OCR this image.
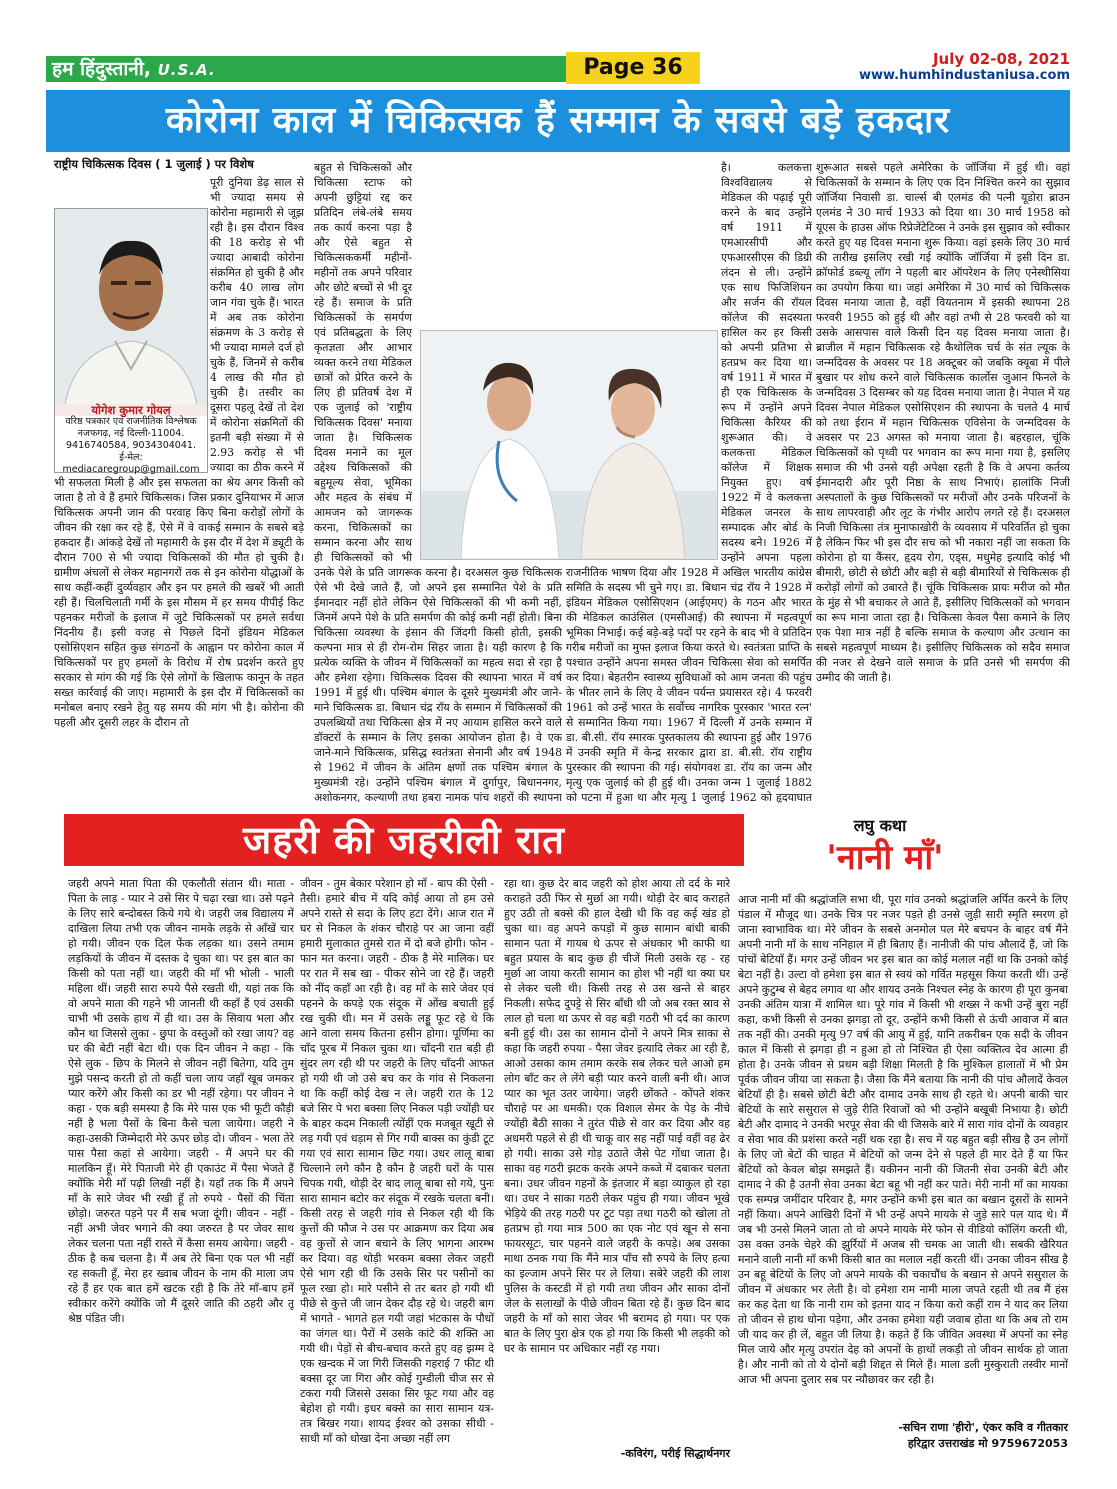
हम हिंदुस्तानी, U.S.A.	Page 36	July 02-08, 2021
www.humhindustaniusa.com
कोरोना काल में चिकित्सक हैं सम्मान के सबसे बड़े हकदार
राष्ट्रीय चिकित्सक दिवस ( 1 जुलाई ) पर विशेष
योगेश कुमार गोयल
वरिष्ठ पत्रकार एवं राजनीतिक विश्लेषक
नजफगढ़, नई दिल्ली-11004.
9416740584, 9034304041.
ई-मेल: mediacaregroup@gmail.com

पूरी दुनिया डेढ़ साल से भी ज्यादा समय से कोरोना महामारी से जूझ रही है। इस दौरान विश्व की 18 करोड़ से भी ज्यादा आबादी कोरोना संक्रमित हो चुकी है और करीब 40 लाख लोग जान गंवा चुके हैं। भारत में अब तक कोरोना संक्रमण के 3 करोड़ से भी ज्यादा मामले दर्ज हो चुके हैं, जिनमें से करीब 4 लाख की मौत हो चुकी है। तस्वीर का दूसरा पहलू देखें तो देश में कोरोना संक्रमितों की इतनी बड़ी संख्या में से 2.93 करोड़ से भी ज्यादा का ठीक करने में भी सफलता मिली है और इस सफलता का श्रेय अगर किसी को जाता है तो वे हैं हमारे चिकित्सक। जिस प्रकार दुनियाभर में आज चिकित्सक अपनी जान की परवाह किए बिना करोड़ों लोगों के जीवन की रक्षा कर रहे हैं, ऐसे में वे वाकई सम्मान के सबसे बड़े हकदार हैं। आंकड़े देखें तो महामारी के इस दौर में देश में ड्यूटी के दौरान 700 से भी ज्यादा चिकित्सकों की मौत हो चुकी है। ग्रामीण अंचलों से लेकर महानगरों तक से इन कोरोना योद्धाओं के साथ कहीं-कहीं दुर्व्यवहार और इन पर हमले की खबरें भी आती रही हैं। चिलचिलाती गर्मी के इस मौसम में हर समय पीपीई किट पहनकर मरीजों के इलाज में जुटे चिकित्सकों पर हमले सर्वथा निंदनीय हैं। इसी वजह से पिछले दिनों इंडियन मेडिकल एसोसिएशन सहित कुछ संगठनों के आह्वान पर कोरोना काल में चिकित्सकों पर हुए हमलों के विरोध में रोष प्रदर्शन करते हुए सरकार से मांग की गई कि ऐसे लोगों के खिलाफ कानून के तहत सख्त कार्रवाई की जाए। महामारी के इस दौर में चिकित्सकों का मनोबल बनाए रखने हेतु यह समय की मांग भी है। कोरोना की पहली और दूसरी लहर के दौरान तो

बहुत से चिकित्सकों और चिकित्सा स्टाफ को अपनी छुट्टियां रद्द कर प्रतिदिन लंबे-लंबे समय तक कार्य करना पड़ा है और ऐसे बहुत से चिकित्सककर्मी महीनों-महीनों तक अपने परिवार और छोटे बच्चों से भी दूर रहे हैं। समाज के प्रति चिकित्सकों के समर्पण एवं प्रतिबद्धता के लिए कृतज्ञता और आभार व्यक्त करने तथा मेडिकल छात्रों को प्रेरित करने के लिए ही प्रतिवर्ष देश में एक जुलाई को 'राष्ट्रीय चिकित्सक दिवस' मनाया जाता है। चिकित्सक दिवस मनाने का मूल उद्देश्य चिकित्सकों की बहुमूल्य सेवा, भूमिका और महत्व के संबंध में आमजन को जागरूक करना, चिकित्सकों का सम्मान करना और साथ ही चिकित्सकों को भी उनके पेशे के प्रति जागरूक करना है। दरअसल कुछ चिकित्सक ऐसे भी देखे जाते हैं, जो अपने इस सम्मानित पेशे के प्रति ईमानदार नहीं होते लेकिन ऐसे चिकित्सकों की भी कमी नहीं, जिनमें अपने पेशे के प्रति समर्पण की कोई कमी नहीं होती। बिना चिकित्सा व्यवस्था के इंसान की जिंदगी किसी होती, इसकी कल्पना मात्र से ही रोम-रोम सिहर जाता है। यही कारण है कि प्रत्येक व्यक्ति के जीवन में चिकित्सकों का महत्व सदा से रहा है और हमेशा रहेगा। चिकित्सक दिवस की स्थापना भारत में वर्ष 1991 में हुई थी। पश्चिम बंगाल के दूसरे मुख्यमंत्री और जाने-माने चिकित्सक डा. बिधान चंद्र रॉय के सम्मान में चिकित्सकों की उपलब्धियों तथा चिकित्सा क्षेत्र में नए आयाम हासिल करने वाले डॉक्टरों के सम्मान के लिए इसका आयोजन होता है। वे एक जाने-माने चिकित्सक, प्रसिद्ध स्वतंत्रता सेनानी और वर्ष 1948 से 1962 में जीवन के अंतिम क्षणों तक पश्चिम बंगाल के मुख्यमंत्री रहे। उन्होंने पश्चिम बंगाल में दुर्गापुर, बिधाननगर, अशोकनगर, कल्याणी तथा हबरा नामक पांच शहरों की स्थापना

है। कलकत्ता विश्वविद्यालय से मेडिकल की पढ़ाई पूरी करने के बाद उन्होंने वर्ष 1911 में एमआरसीपी और एफआरसीएस की डिग्री लंदन से ली। उन्होंने एक साथ फिजिशियन और सर्जन की रॉयल कॉलेज की सदस्यता हासिल कर हर किसी को अपनी प्रतिभा से हतप्रभ कर दिया था। वर्ष 1911 में भारत में ही एक चिकित्सक के रूप में उन्होंने अपने चिकित्सा कैरियर की शुरूआत की। वे कलकत्ता मेडिकल कॉलेज में शिक्षक नियुक्त हुए। वर्ष 1922 में वे कलकत्ता मेडिकल जनरल के सम्पादक और बोर्ड के सदस्य बने। 1926 में उन्होंने अपना पहला राजनीतिक भाषण दिया और 1928 में अखिल भारतीय कांग्रेस समिति के सदस्य भी चुने गए। डा. बिधान चंद्र रॉय ने 1928 में इंडियन मेडिकल एसोसिएशन (आईएमए) के गठन और भारत की मेडिकल काउंसिल (एमसीआई) की स्थापना में महत्वपूर्ण भूमिका निभाई। कई बड़े-बड़े पदों पर रहने के बाद भी वे प्रतिदिन गरीब मरीजों का मुफ्त इलाज किया करते थे। स्वतंत्रता प्राप्ति के पश्चात उन्होंने अपना समस्त जीवन चिकित्सा सेवा को समर्पित कर दिया। बेहतरीन स्वास्थ्य सुविधाओं को आम जनता की पहुंच के भीतर लाने के लिए वे जीवन पर्यन्त प्रयासरत रहे। 4 फरवरी 1961 को उन्हें भारत के सर्वोच्च नागरिक पुरस्कार 'भारत रत्न' से सम्मानित किया गया। 1967 में दिल्ली में उनके सम्मान में डा. बी.सी. रॉय स्मारक पुस्तकालय की स्थापना हुई और 1976 में उनकी स्मृति में केन्द्र सरकार द्वारा डा. बी.सी. रॉय राष्ट्रीय पुरस्कार की स्थापना की गई। संयोगवश डा. रॉय का जन्म और मृत्यु एक जुलाई को ही हुई थी। उनका जन्म 1 जुलाई 1882 को पटना में हुआ था और मृत्यु 1 जुलाई 1962 को हृदयाघात

शुरूआत सबसे पहले अमेरिका के जॉर्जिया में हुई थी। वहां चिकित्सकों के सम्मान के लिए एक दिन निश्चित करने का सुझाव जॉर्जिया निवासी डा. चार्ल्स बी एलमंड की पत्नी यूडोरा ब्राउन एलमंड ने 30 मार्च 1933 को दिया था। 30 मार्च 1958 को यूएस के हाउस ऑफ रिप्रेजेंटेटिव्स ने उनके इस सुझाव को स्वीकार करते हुए यह दिवस मनाना शुरू किया। वहां इसके लिए 30 मार्च की तारीख इसलिए रखी गई क्योंकि जॉर्जिया में इसी दिन डा. क्रॉफोर्ड डब्ल्यू लॉग ने पहली बार ऑपरेशन के लिए एनेस्थीसिया का उपयोग किया था। जहां अमेरिका में 30 मार्च को चिकित्सक दिवस मनाया जाता है, वहीं वियतनाम में इसकी स्थापना 28 फरवरी 1955 को हुई थी और वहां तभी से 28 फरवरी को या उसके आसपास वाले किसी दिन यह दिवस मनाया जाता है। ब्राजील में महान चिकित्सक रहे कैथोलिक चर्च के संत ल्यूक के जन्मदिवस के अवसर पर 18 अक्टूबर को जबकि क्यूबा में पीले बुखार पर शोध करने वाले चिकित्सक कार्लोस जुआन फिनले के जन्मदिवस 3 दिसम्बर को यह दिवस मनाया जाता है। नेपाल में यह दिवस नेपाल मेडिकल एसोसिएशन की स्थापना के चलते 4 मार्च को तथा ईरान में महान चिकित्सक एविसेना के जन्मदिवस के अवसर पर 23 अगस्त को मनाया जाता है। बहरहाल, चूंकि चिकित्सकों को पृथ्वी पर भगवान का रूप माना गया है, इसलिए समाज की भी उनसे यही अपेक्षा रहती है कि वे अपना कर्तव्य ईमानदारी और पूरी निष्ठा के साथ निभाएं। हालांकि निजी अस्पतालों के कुछ चिकित्सकों पर मरीजों और उनके परिजनों के साथ लापरवाही और लूट के गंभीर आरोप लगते रहे हैं। दरअसल निजी चिकित्सा तंत्र मुनाफाखोरी के व्यवसाय में परिवर्तित हो चुका है लेकिन फिर भी इस दौर सच को भी नकारा नहीं जा सकता कि कोरोना हो या कैंसर, हृदय रोग, एड्स, मधुमेह इत्यादि कोई भी बीमारी, छोटी से छोटी और बड़ी से बड़ी बीमारियों से चिकित्सक ही करोड़ों लोगों को उबारते हैं। चूंकि चिकित्सक प्रायः मरीज को मौत के मुंह से भी बचाकर ले आते हैं, इसीलिए चिकित्सकों को भगवान का रूप माना जाता रहा है। चिकित्सा केवल पैसा कमाने के लिए एक पेशा मात्र नहीं है बल्कि समाज के कल्याण और उत्थान का सबसे महत्वपूर्ण माध्यम है। इसीलिए चिकित्सक को सदैव समाज की नजर से देखने वाले समाज के प्रति उनसे भी समर्पण की उम्मीद की जाती है।

जहरी की जहरीली रात

जहरी अपने माता पिता की एकलौती संतान थी। माता - पिता के लाड़ - प्यार ने उसे सिर पे चढ़ा रखा था। उसे पढ़ने के लिए सारे बन्दोबस्त किये गये थे। जहरी जब विद्यालय में दाखिला लिया तभी एक जीवन नामके लड़के से आँखें चार हो गयी। जीवन एक दिल फेंक लड़का था। उसने तमाम लड़कियों के जीवन में दस्तक दे चुका था। पर इस बात का किसी को पता नहीं था। जहरी की माँ भी भोली - भाली महिला थीं। जहरी सारा रुपये पैसे रखती थी, यहां तक कि वो अपने माता की गहने भी जानती थी कहाँ हैं एवं उसकी चाभी भी उसके हाथ में ही था। उस के सिवाय भला और कौन था जिससे लुका - छुपा के वस्तुओं को रखा जाय? वह घर की बेटी नहीं बेटा थी। एक दिन जीवन ने कहा - कि ऐसे लुक - छिप के मिलने से जीवन नहीं बितेगा, यदि तुम मुझे पसन्द करती हो तो कहीं चला जाय जहाँ खूब जमकर प्यार करेंगे और किसी का डर भी नहीं रहेगा। पर जीवन ने कहा - एक बड़ी समस्या है कि मेरे पास एक भी फूटी कौड़ी नहीं है भला पैसों के बिना कैसे चला जायेगा। जहरी ने कहा-उसकी जिम्मेदारी मेरे ऊपर छोड़ दो। जीवन - भला तेरे पास पैसा कहां से आयेगा। जहरी - मैं अपने घर की मालकिन हूँ। मेरे पिताजी मेरे ही एकाउंट में पैसा भेजते हैं क्योंकि मेरी माँ पढ़ी लिखी नहीं है। यहाँ तक कि मैं अपने माँ के सारे जेवर भी रखी हूँ तो रुपये - पैसों की चिंता छोड़ो। जरुरत पड़ने पर मैं सब भजा दूंगी। जीवन - नहीं - नहीं अभी जेवर भगाने की क्या जरुरत है पर जेवर साथ लेकर चलना पता नहीं रास्ते में कैसा समय आयेगा। जहरी - ठीक है कब चलना है। मैं अब तेरे बिना एक पल भी नहीं रह सकती हूँ, मेरा हर ख्वाब जीवन के नाम की माला जप रहे हैं हर एक बात हमें खटक रही है कि तेरे माँ-बाप हमें स्वीकार करेंगे क्योंकि जो मैं दूसरे जाति की ठहरी और तू श्रेष्ठ पंडित जी।

जीवन - तुम बेकार परेशान हो माँ - बाप की ऐसी - तैसी। हमारे बीच में यदि कोई आया तो हम उसे अपने रास्ते से सदा के लिए हटा देंगे। आज रात में घर से निकल के शंकर चौराहे पर आ जाना वहीं हमारी मुलाकात तुमसे रात में दो बजे होगी। फोन - फान मत करना। जहरी - ठीक है मेरे मालिक। घर पर रात में सब खा - पीकर सोने जा रहे हैं। जहरी को नींद कहाँ आ रही है। वह माँ के सारे जेवर एवं पहनने के कपड़े एक संदूक में ओंख बचाती हुई रख चुकी थी। मन में उसके लड्डू फूट रहे थे कि आने वाला समय कितना हसीन होगा। पूर्णिमा का चाँद पूरब में निकल चुका था। चाँदनी रात बड़ी ही सुंदर लग रही थी पर जहरी के लिए चाँदनी आफत हो गयी थी जो उसे बच कर के गांव से निकलना था कि कहीं कोई देख न ले। जहरी रात के 12 बजे सिर पे भरा बक्सा लिए निकल पड़ी ज्योंही घर के बाहर कदम निकाली त्योंहीं एक मजबूत खूटी से लड़ गयी एवं धड़ाम से गिर गयी बाक्स का कुंडी टूट गया एवं सारा सामान छिट गया। उधर लालू बाबा चिल्लाने लगे कौन है कौन है जहरी घरों के पास चिपक गयी, थोड़ी देर बाद लालू बाबा सो गये, पुनः सारा सामान बटोर कर संदूक में रखके चलता बनी। किसी तरह से जहरी गांव से निकल रही थी कि कुत्तों की फौज ने उस पर आक्रमण कर दिया अब वह कुत्तों से जान बचाने के लिए भागना आरम्भ कर दिया। वह थोड़ी भरकम बक्सा लेकर जहरी ऐसे भाग रही थी कि उसके सिर पर पसीनों का फूल रखा हो। मारे पसीने से तर बतर हो गयी थी पीछे से कुत्ते जी जान देकर दौड़ रहे थे। जहरी बाग में भागते - भागते हल गयी जहां भंटकास के पौधों का जंगल था। पैरों में उसके कांटे की शक्ति आ गयी थी। पेड़ों से बीच-बचाव करते हुए वह झम्म दे एक खन्दक में जा गिरी जिसकी गहराई 7 फीट थी बक्सा दूर जा गिरा और कोई गुम्डीली चीज सर से टकरा गयी जिससे उसका सिर फूट गया और वह बेहोश हो गयी। इधर बक्से का सारा सामान यत्र-तत्र बिखर गया। शायद ईश्वर को उसका सीधी - साधी माँ को धोखा देना अच्छा नहीं लग

रहा था। कुछ देर बाद जहरी को होश आया तो दर्द के मारे कराहते उठी फिर से मुर्छा आ गयी। थोड़ी देर बाद कराहते हुए उठी तो बक्से की हाल देखी थी कि वह कई खंड हो चुका था। वह अपने कपड़ों में कुछ सामान बांधी बाकी सामान पता में गायब थे ऊपर से अंधकार भी काफी था बहुत प्रयास के बाद कुछ ही चीजें मिली उसके रह - रह मुर्छा आ जाया करती सामान का होश भी नहीं था क्या घर से लेकर चली थी। किसी तरह से उस खन्ते से बाहर निकली। सफेद दुपट्टे से सिर बाँधी थी जो अब रक्त स्राव से लाल हो चला था ऊपर से वह बड़ी गठरी भी दर्द का कारण बनी हुई थी। उस का सामान दोनों ने अपने मित्र साका से कहा कि जहरी रुपया - पैसा जेवर इत्यादि लेकर आ रही है, आओ उसका काम तमाम करके सब लेकर चले आओ हम लोग बाँट कर ले लेंगे बड़ी प्यार करने वाली बनी थी। आज प्यार का भूत उतर जायेगा। जहरी छोंकते - कोंपते शंकर चौराहे पर आ धमकी। एक विशाल सेमर के पेड़ के नीचे ज्योंही बैठी साका ने तुरंत पीछे से वार कर दिया और वह अधमरी पहले से ही थी चाकू वार सह नहीं पाई वहीं वह ढेर हो गयी। साका उसे गोड़ उठाते जैसे पेट गोंधा जाता है। साका वह गठरी झटक करके अपने कब्जे में दबाकर चलता बना। उधर जीवन गहनों के इंतजार में बड़ा व्याकुल हो रहा था। उधर ने साका गठरी लेकर पहुंच ही गया। जीवन भूखे भेड़िये की तरह गठरी पर टूट पड़ा तथा गठरी को खोला तो हतप्रभ हो गया मात्र 500 का एक नोट एवं खून से सना फायरसूटः, चार पहनने वाले जहरी के कपड़े। अब उसका माथा ठनक गया कि मैंने मात्र पाँच सौ रुपये के लिए हत्या का इल्जाम अपने सिर पर ले लिया। सबेरे जहरी की लाश पुलिस के कस्टडी में हो गयी तथा जीवन और साका दोनों जेल के सलाखों के पीछे जीवन बिता रहे हैं। कुछ दिन बाद जहरी के माँ को सारा जेवर भी बरामद हो गया। पर एक बात के लिए पुरा क्षेत्र एक हो गया कि किसी भी लड़की को घर के सामान पर अधिकार नहीं रह गया।

-कविरंग, परीई सिद्धार्थनगर
लघु कथा
'नानी माँ'

आज नानी माँ की श्रद्धांजलि सभा थी, पूरा गांव उनको श्रद्धांजलि अर्पित करने के लिए पंडाल में मौजूद था। उनके चित्र पर नजर पड़ते ही उनसे जुड़ी सारी स्मृति स्मरण हो जाना स्वाभाविक था। मेरे जीवन के सबसे अनमोल पल मेरे बचपन के बाहर वर्ष मैंने अपनी नानी माँ के साथ ननिहाल में ही बिताए हैं। नानीजी की पांच औलादें हैं, जो कि पांचों बेटियाँ हैं। मगर उन्हें जीवन भर इस बात का कोई मलाल नहीं था कि उनको कोई बेटा नहीं है। उल्टा वो हमेशा इस बात से स्वयं को गर्वित महसूस किया करती थीं। उन्हें अपने कुटुम्ब से बेहद लगाव था और शायद उनके निश्चल स्नेह के कारण ही पूरा कुनबा उनकी अंतिम यात्रा में शामिल था। पूरे गांव में किसी भी शख्स ने कभी उन्हें बुरा नहीं कहा, कभी किसी से उनका झगड़ा तो दूर, उन्होंने कभी किसी से ऊंची आवाज में बात तक नहीं की। उनकी मृत्यु 97 वर्ष की आयु में हुई, यानि तकरीबन एक सदी के जीवन काल में किसी से झगड़ा ही न हुआ हो तो निश्चित ही ऐसा व्यक्तित्व देव आत्मा ही होता है। उनके जीवन से प्रथम बड़ी शिक्षा मिलती है कि मुश्किल हालातों में भी प्रेम पूर्वक जीवन जीया जा सकता है। जैसा कि मैंने बताया कि नानी की पांच औलादें केवल बेटियाँ ही है। सबसे छोटी बेटी और दामाद उनके साथ ही रहते थे। अपनी बाकी चार बेटियों के सारे ससुराल से जुड़े रीति रिवाजों को भी उन्होंने बखूबी निभाया है। छोटी बेटी और दामाद ने उनकी भरपूर सेवा की थी जिसके बारे में सारा गांव दोनों के व्यवहार व सेवा भाव की प्रशंसा करते नहीं थक रहा है। सच में यह बहुत बड़ी सीख है उन लोगों के लिए जो बेटों की चाहत में बेटियों को जन्म देने से पहले ही मार देते हैं या फिर बेटियों को केवल बोझ समझते हैं। यकीनन नानी की जितनी सेवा उनकी बेटी और दामाद ने की है उतनी सेवा उनका बेटा बहू भी नहीं कर पाते। मेरी नानी माँ का मायका एक सम्पन्न जमींदार परिवार है, मगर उन्होंने कभी इस बात का बखान दूसरों के सामने नहीं किया। अपने आखिरी दिनों में भी उन्हें अपने मायके से जुड़े सारे पल याद थे। मैं जब भी उनसे मिलने जाता तो वो अपने मायके मेरे फोन से वीडियो कॉलिंग करती थी, उस वक्त उनके चेहरे की झुर्रियों में अजब सी चमक आ जाती थी। सबकी खैरियत मनाने वाली नानी माँ कभी किसी बात का मलाल नहीं करती थीं। उनका जीवन सीख है उन बहू बेटियों के लिए जो अपने मायके की चकाचौंध के बखान से अपने ससुराल के जीवन में अंधकार भर लेती है। वो हमेशा राम नामी माला जपते रहती थी तब मैं हंस कर कह देता था कि नानी राम को इतना याद न किया करो कहीं राम ने याद कर लिया तो जीवन से हाथ धोना पड़ेगा, और उनका हमेशा यही जवाब होता था कि अब तो राम जी याद कर ही लें, बहुत जी लिया है। कहते हैं कि जीवित अवस्था में अपनों का स्नेह मिल जाये और मृत्यु उपरांत देह को अपनों के हाथों लकड़ी तो जीवन सार्थक हो जाता है। और नानी को तो ये दोनों बड़ी शिद्दत से मिले हैं। माला डली मुस्कुराती तस्वीर मानों आज भी अपना दुलार सब पर न्यौछावर कर रही है।

-सचिन राणा 'हीरो', एंकर कवि व गीतकार
हरिद्वार उत्तराखंड मो 9759672053
